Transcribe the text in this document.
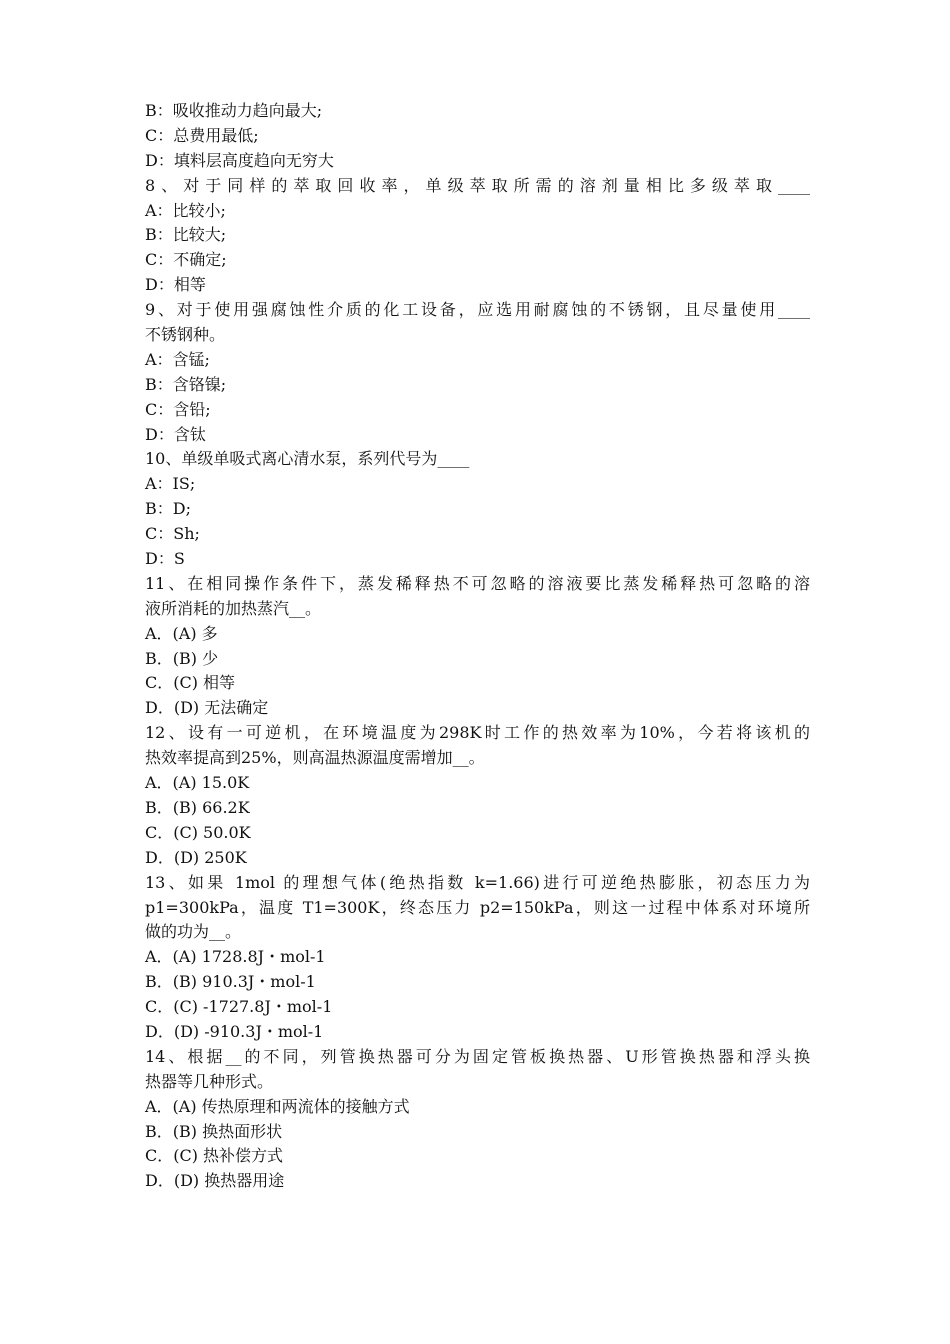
B：吸收推动力趋向最大;
C：总费用最低;
D：填料层高度趋向无穷大
8、对于同样的萃取回收率，单级萃取所需的溶剂量相比多级萃取____
A：比较小;
B：比较大;
C：不确定;
D：相等
9、对于使用强腐蚀性介质的化工设备，应选用耐腐蚀的不锈钢，且尽量使用____
不锈钢种。
A：含锰;
B：含铬镍;
C：含铅;
D：含钛
10、单级单吸式离心清水泵，系列代号为____
A：IS;
B：D;
C：Sh;
D：S
11、在相同操作条件下，蒸发稀释热不可忽略的溶液要比蒸发稀释热可忽略的溶
液所消耗的加热蒸汽__。
A．(A) 多
B．(B) 少
C．(C) 相等
D．(D) 无法确定
12、设有一可逆机，在环境温度为298K时工作的热效率为10%，今若将该机的
热效率提高到25%，则高温热源温度需增加__。
A．(A) 15.0K
B．(B) 66.2K
C．(C) 50.0K
D．(D) 250K
13、如果 1mol 的理想气体(绝热指数 k=1.66)进行可逆绝热膨胀，初态压力为
p1=300kPa，温度 T1=300K，终态压力 p2=150kPa，则这一过程中体系对环境所
做的功为__。
A．(A) 1728.8J・mol-1
B．(B) 910.3J・mol-1
C．(C) -1727.8J・mol-1
D．(D) -910.3J・mol-1
14、根据__的不同，列管换热器可分为固定管板换热器、U形管换热器和浮头换
热器等几种形式。
A．(A) 传热原理和两流体的接触方式
B．(B) 换热面形状
C．(C) 热补偿方式
D．(D) 换热器用途
